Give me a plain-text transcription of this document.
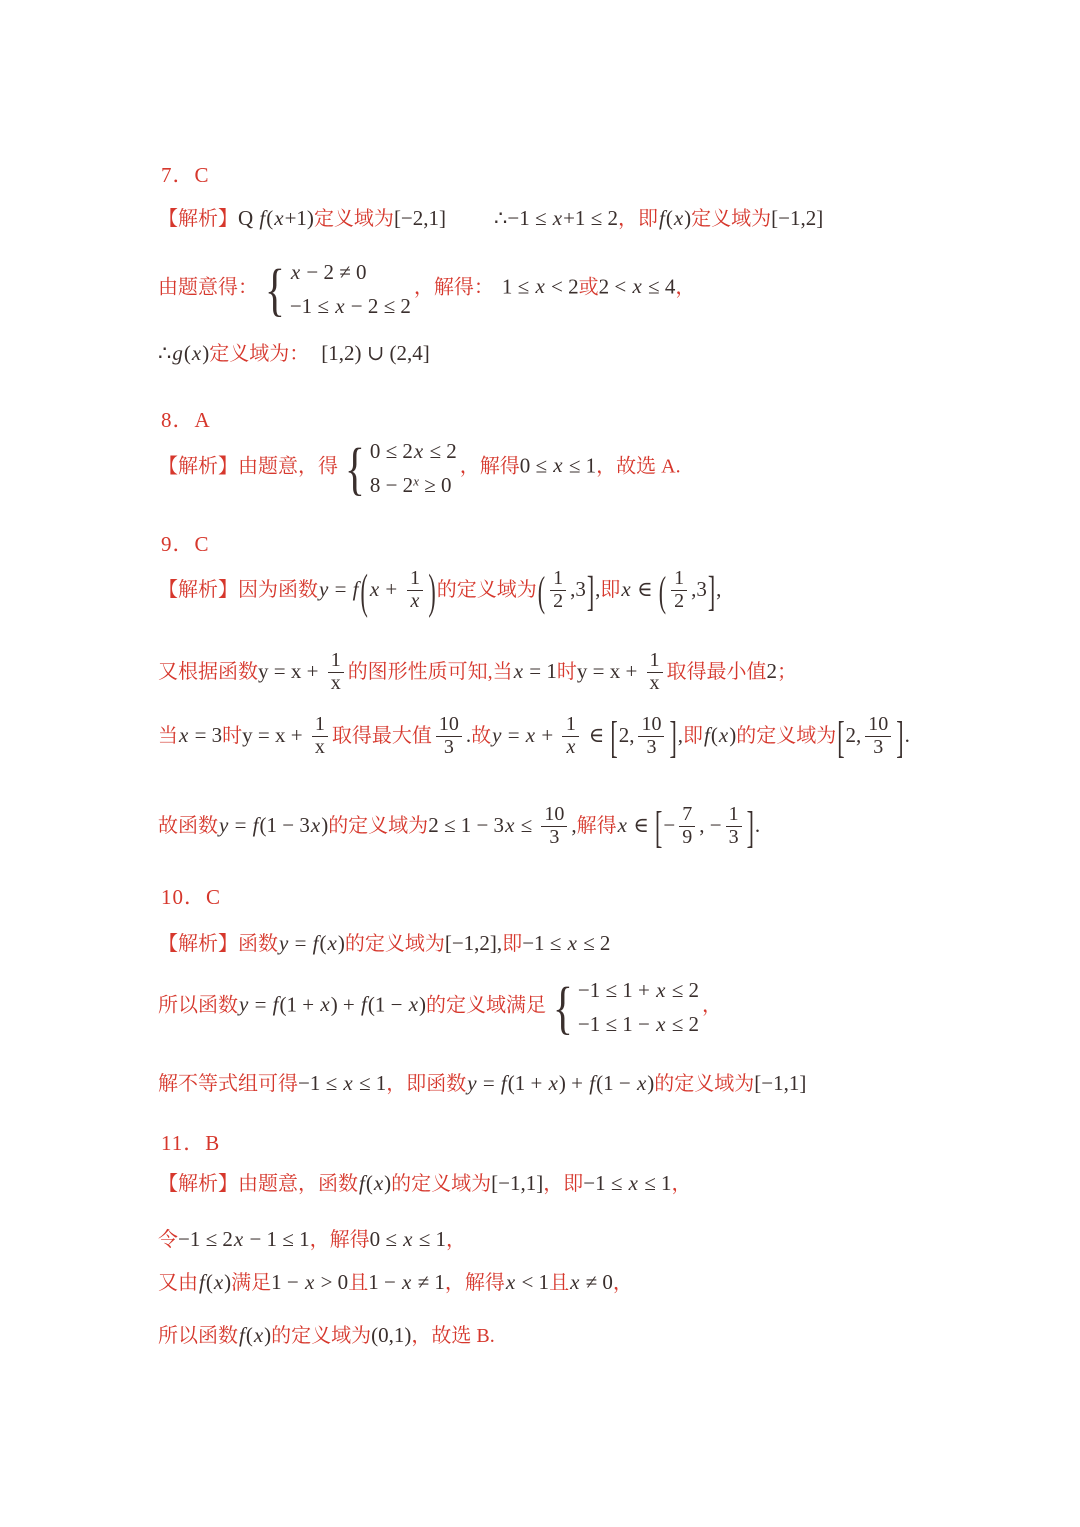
7．C
【解析】Q f(x+1)定义域为[−2,1] ∴−1 ≤ x+1 ≤ 2，即f(x)定义域为[−1,2]
由题意得： { x − 2 ≠ 0
−1 ≤ x − 2 ≤ 2
，解得： 1 ≤ x < 2或2 < x ≤ 4，
∴g(x)定义域为： [1,2) ∪ (2,4]
8．A
【解析】由题意，得 { 0 ≤ 2x ≤ 2
$8 - 2^x \ge 0$
，解得0 ≤ x ≤ 1，故选 A.
9．C
【解析】因为函数$y = f(x + \frac{1}{x}$ )的定义域为( $\frac{1}{2} ,3$],即x ∈ ( $\frac{1}{2} ,3$],
又根据函数$y = x + \frac{1}{x}$ 的图形性质可知,当x = 1时$y = x + \frac{1}{x}$ 取得最小值2；
当x = 3时$y = x + \frac{1}{x}$ 取得最大值 $\frac{10}{3}$ .故$y = x + \frac{1}{x}$ ∈ [2, $\frac{10}{3}$ ],即f(x)的定义域为[2, $\frac{10}{3}$ ].
故函数y = f(1 − 3x)的定义域为$2 \le 1 - 3x \le \frac{10}{3}$ ,解得x ∈ [− $\frac{7}{9}$ , − $\frac{1}{3}$ ].
10．C
【解析】函数y = f(x)的定义域为[−1,2],即−1 ≤ x ≤ 2
所以函数y = f(1 + x) + f(1 − x)的定义域满足 { −1 ≤ 1 + x ≤ 2
−1 ≤ 1 − x ≤ 2
，
解不等式组可得−1 ≤ x ≤ 1，即函数y = f(1 + x) + f(1 − x)的定义域为[−1,1]
11．B
【解析】由题意，函数f(x)的定义域为[−1,1]，即−1 ≤ x ≤ 1，
令−1 ≤ 2x − 1 ≤ 1，解得0 ≤ x ≤ 1，
又由f(x)满足1 − x > 0且1 − x ≠ 1，解得x < 1且x ≠ 0，
所以函数f(x)的定义域为(0,1)，故选 B.
